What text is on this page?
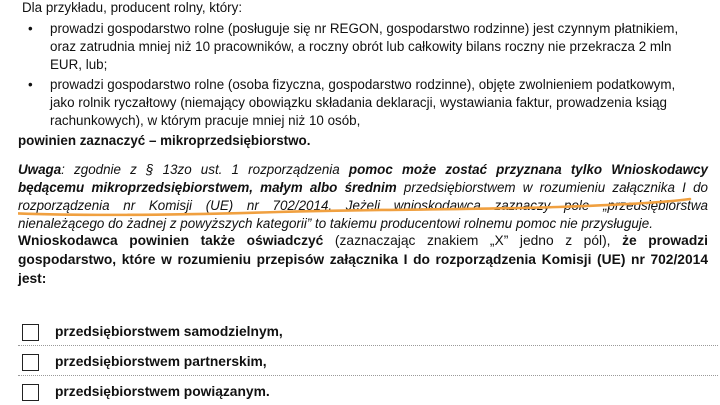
Dla przykładu, producent rolny, który:
• prowadzi gospodarstwo rolne (posługuje się nr REGON, gospodarstwo rodzinne) jest czynnym płatnikiem,
oraz zatrudnia mniej niż 10 pracowników, a roczny obrót lub całkowity bilans roczny nie przekracza 2 mln
EUR, lub;
• prowadzi gospodarstwo rolne (osoba fizyczna, gospodarstwo rodzinne), objęte zwolnieniem podatkowym,
jako rolnik ryczałtowy (niemający obowiązku składania deklaracji, wystawiania faktur, prowadzenia ksiąg
rachunkowych), w którym pracuje mniej niż 10 osób,
powinien zaznaczyć – mikroprzedsiębiorstwo.
Uwaga: zgodnie z § 13zo ust. 1 rozporządzenia pomoc może zostać przyznana tylko Wnioskodawcy
będącemu mikroprzedsiębiorstwem, małym albo średnim przedsiębiorstwem w rozumieniu załącznika I do
rozporządzenia nr Komisji (UE) nr 702/2014. Jeżeli wnioskodawca zaznaczy pole „przedsiębiorstwa
nienależącego do żadnej z powyższych kategorii” to takiemu producentowi rolnemu pomoc nie przysługuje.
Wnioskodawca powinien także oświadczyć (zaznaczając znakiem „X” jedno z pól), że prowadzi
gospodarstwo, które w rozumieniu przepisów załącznika I do rozporządzenia Komisji (UE) nr 702/2014
jest:
przedsiębiorstwem samodzielnym,
przedsiębiorstwem partnerskim,
przedsiębiorstwem powiązanym.
